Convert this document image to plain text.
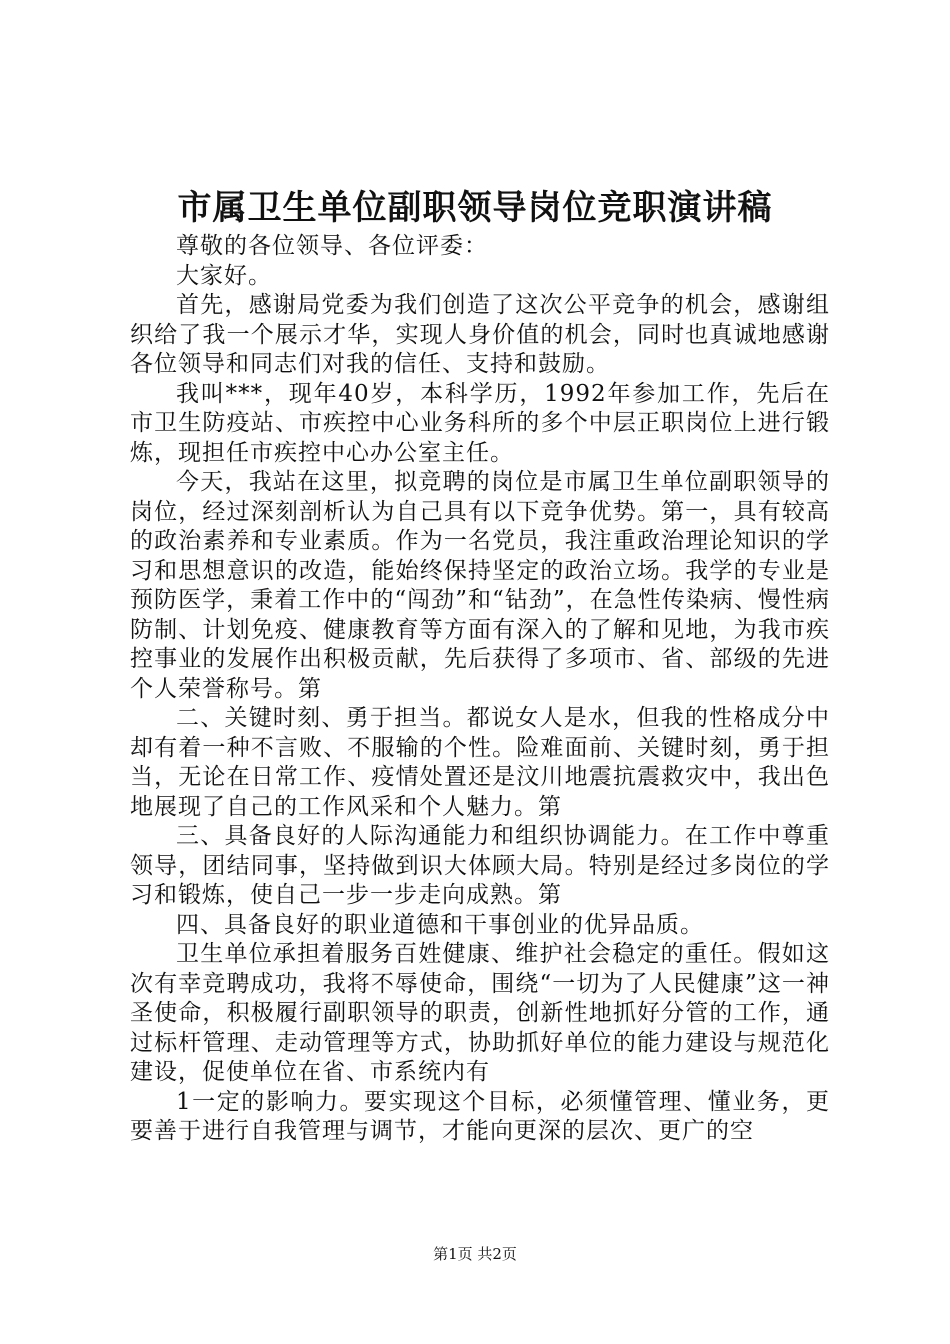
市属卫生单位副职领导岗位竞职演讲稿

尊敬的各位领导、各位评委：

大家好。

首先，感谢局党委为我们创造了这次公平竞争的机会，感谢组织给了我一个展示才华，实现人身价值的机会，同时也真诚地感谢各位领导和同志们对我的信任、支持和鼓励。

我叫***，现年40岁，本科学历，1992年参加工作，先后在市卫生防疫站、市疾控中心业务科所的多个中层正职岗位上进行锻炼，现担任市疾控中心办公室主任。

今天，我站在这里，拟竞聘的岗位是市属卫生单位副职领导的岗位，经过深刻剖析认为自己具有以下竞争优势。第一，具有较高的政治素养和专业素质。作为一名党员，我注重政治理论知识的学习和思想意识的改造，能始终保持坚定的政治立场。我学的专业是预防医学，秉着工作中的“闯劲”和“钻劲”，在急性传染病、慢性病防制、计划免疫、健康教育等方面有深入的了解和见地，为我市疾控事业的发展作出积极贡献，先后获得了多项市、省、部级的先进个人荣誉称号。第

二、关键时刻、勇于担当。都说女人是水，但我的性格成分中却有着一种不言败、不服输的个性。险难面前、关键时刻，勇于担当，无论在日常工作、疫情处置还是汶川地震抗震救灾中，我出色地展现了自己的工作风采和个人魅力。第

三、具备良好的人际沟通能力和组织协调能力。在工作中尊重领导，团结同事，坚持做到识大体顾大局。特别是经过多岗位的学习和锻炼，使自己一步一步走向成熟。第

四、具备良好的职业道德和干事创业的优异品质。

卫生单位承担着服务百姓健康、维护社会稳定的重任。假如这次有幸竞聘成功，我将不辱使命，围绕“一切为了人民健康”这一神圣使命，积极履行副职领导的职责，创新性地抓好分管的工作，通过标杆管理、走动管理等方式，协助抓好单位的能力建设与规范化建设，促使单位在省、市系统内有

1一定的影响力。要实现这个目标，必须懂管理、懂业务，更要善于进行自我管理与调节，才能向更深的层次、更广的空

第1页 共2页
